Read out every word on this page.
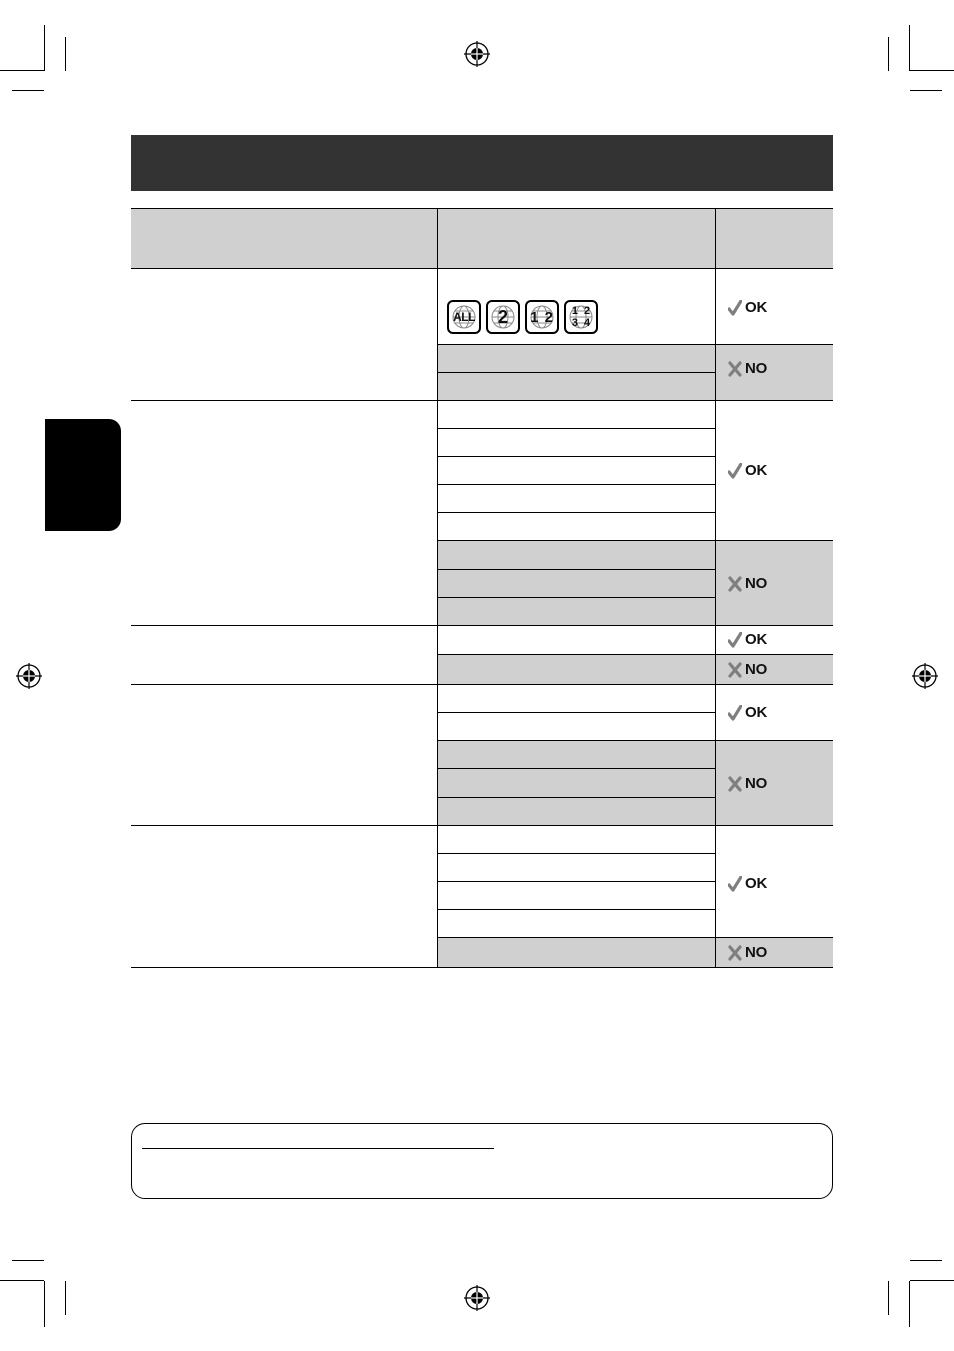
ALL 2 1 2 1  2
3  4
OK
NO
OK
NO
OK
NO
OK
NO
OK
NO
